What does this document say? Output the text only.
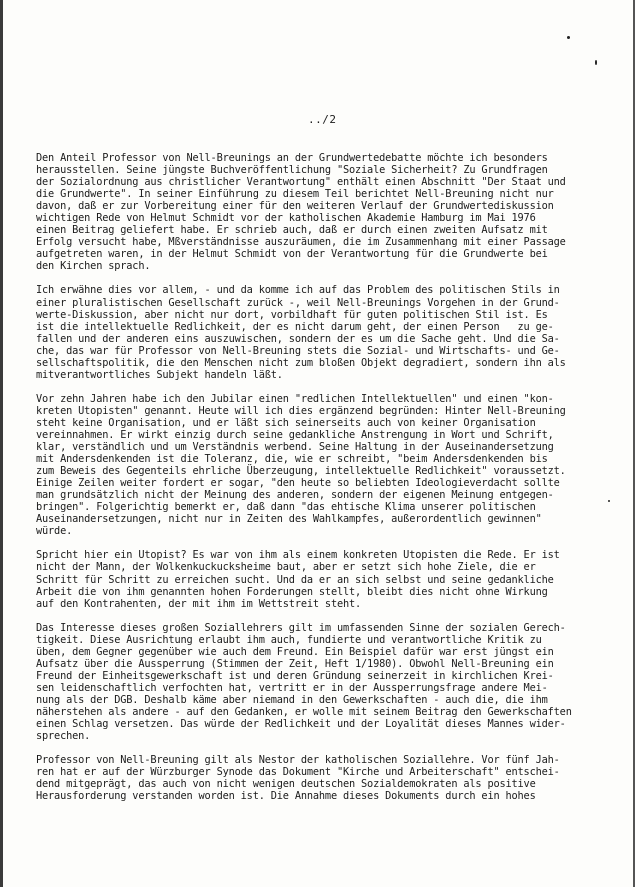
../2
Den Anteil Professor von Nell-Breunings an der Grundwertedebatte möchte ich besonders
herausstellen. Seine jüngste Buchveröffentlichung "Soziale Sicherheit? Zu Grundfragen
der Sozialordnung aus christlicher Verantwortung" enthält einen Abschnitt "Der Staat und
die Grundwerte". In seiner Einführung zu diesem Teil berichtet Nell-Breuning nicht nur
davon, daß er zur Vorbereitung einer für den weiteren Verlauf der Grundwertediskussion
wichtigen Rede von Helmut Schmidt vor der katholischen Akademie Hamburg im Mai 1976
einen Beitrag geliefert habe. Er schrieb auch, daß er durch einen zweiten Aufsatz mit
Erfolg versucht habe, Mßverständnisse auszuräumen, die im Zusammenhang mit einer Passage
aufgetreten waren, in der Helmut Schmidt von der Verantwortung für die Grundwerte bei
den Kirchen sprach.
Ich erwähne dies vor allem, - und da komme ich auf das Problem des politischen Stils in
einer pluralistischen Gesellschaft zurück -, weil Nell-Breunings Vorgehen in der Grund-
werte-Diskussion, aber nicht nur dort, vorbildhaft für guten politischen Stil ist. Es
ist die intellektuelle Redlichkeit, der es nicht darum geht, der einen Person   zu ge-
fallen und der anderen eins auszuwischen, sondern der es um die Sache geht. Und die Sa-
che, das war für Professor von Nell-Breuning stets die Sozial- und Wirtschafts- und Ge-
sellschaftspolitik, die den Menschen nicht zum bloßen Objekt degradiert, sondern ihn als
mitverantwortliches Subjekt handeln läßt.
Vor zehn Jahren habe ich den Jubilar einen "redlichen Intellektuellen" und einen "kon-
kreten Utopisten" genannt. Heute will ich dies ergänzend begründen: Hinter Nell-Breuning
steht keine Organisation, und er läßt sich seinerseits auch von keiner Organisation
vereinnahmen. Er wirkt einzig durch seine gedankliche Anstrengung in Wort und Schrift,
klar, verständlich und um Verständnis werbend. Seine Haltung in der Auseinandersetzung
mit Andersdenkenden ist die Toleranz, die, wie er schreibt, "beim Andersdenkenden bis
zum Beweis des Gegenteils ehrliche Überzeugung, intellektuelle Redlichkeit" voraussetzt.
Einige Zeilen weiter fordert er sogar, "den heute so beliebten Ideologieverdacht sollte
man grundsätzlich nicht der Meinung des anderen, sondern der eigenen Meinung entgegen-
bringen". Folgerichtig bemerkt er, daß dann "das ehtische Klima unserer politischen
Auseinandersetzungen, nicht nur in Zeiten des Wahlkampfes, außerordentlich gewinnen"
würde.
Spricht hier ein Utopist? Es war von ihm als einem konkreten Utopisten die Rede. Er ist
nicht der Mann, der Wolkenkuckucksheime baut, aber er setzt sich hohe Ziele, die er
Schritt für Schritt zu erreichen sucht. Und da er an sich selbst und seine gedankliche
Arbeit die von ihm genannten hohen Forderungen stellt, bleibt dies nicht ohne Wirkung
auf den Kontrahenten, der mit ihm im Wettstreit steht.
Das Interesse dieses großen Soziallehrers gilt im umfassenden Sinne der sozialen Gerech-
tigkeit. Diese Ausrichtung erlaubt ihm auch, fundierte und verantwortliche Kritik zu
üben, dem Gegner gegenüber wie auch dem Freund. Ein Beispiel dafür war erst jüngst ein
Aufsatz über die Aussperrung (Stimmen der Zeit, Heft 1/1980). Obwohl Nell-Breuning ein
Freund der Einheitsgewerkschaft ist und deren Gründung seinerzeit in kirchlichen Krei-
sen leidenschaftlich verfochten hat, vertritt er in der Aussperrungsfrage andere Mei-
nung als der DGB. Deshalb käme aber niemand in den Gewerkschaften - auch die, die ihm
näherstehen als andere - auf den Gedanken, er wolle mit seinem Beitrag den Gewerkschaften
einen Schlag versetzen. Das würde der Redlichkeit und der Loyalität dieses Mannes wider-
sprechen.
Professor von Nell-Breuning gilt als Nestor der katholischen Soziallehre. Vor fünf Jah-
ren hat er auf der Würzburger Synode das Dokument "Kirche und Arbeiterschaft" entschei-
dend mitgeprägt, das auch von nicht wenigen deutschen Sozialdemokraten als positive
Herausforderung verstanden worden ist. Die Annahme dieses Dokuments durch ein hohes
